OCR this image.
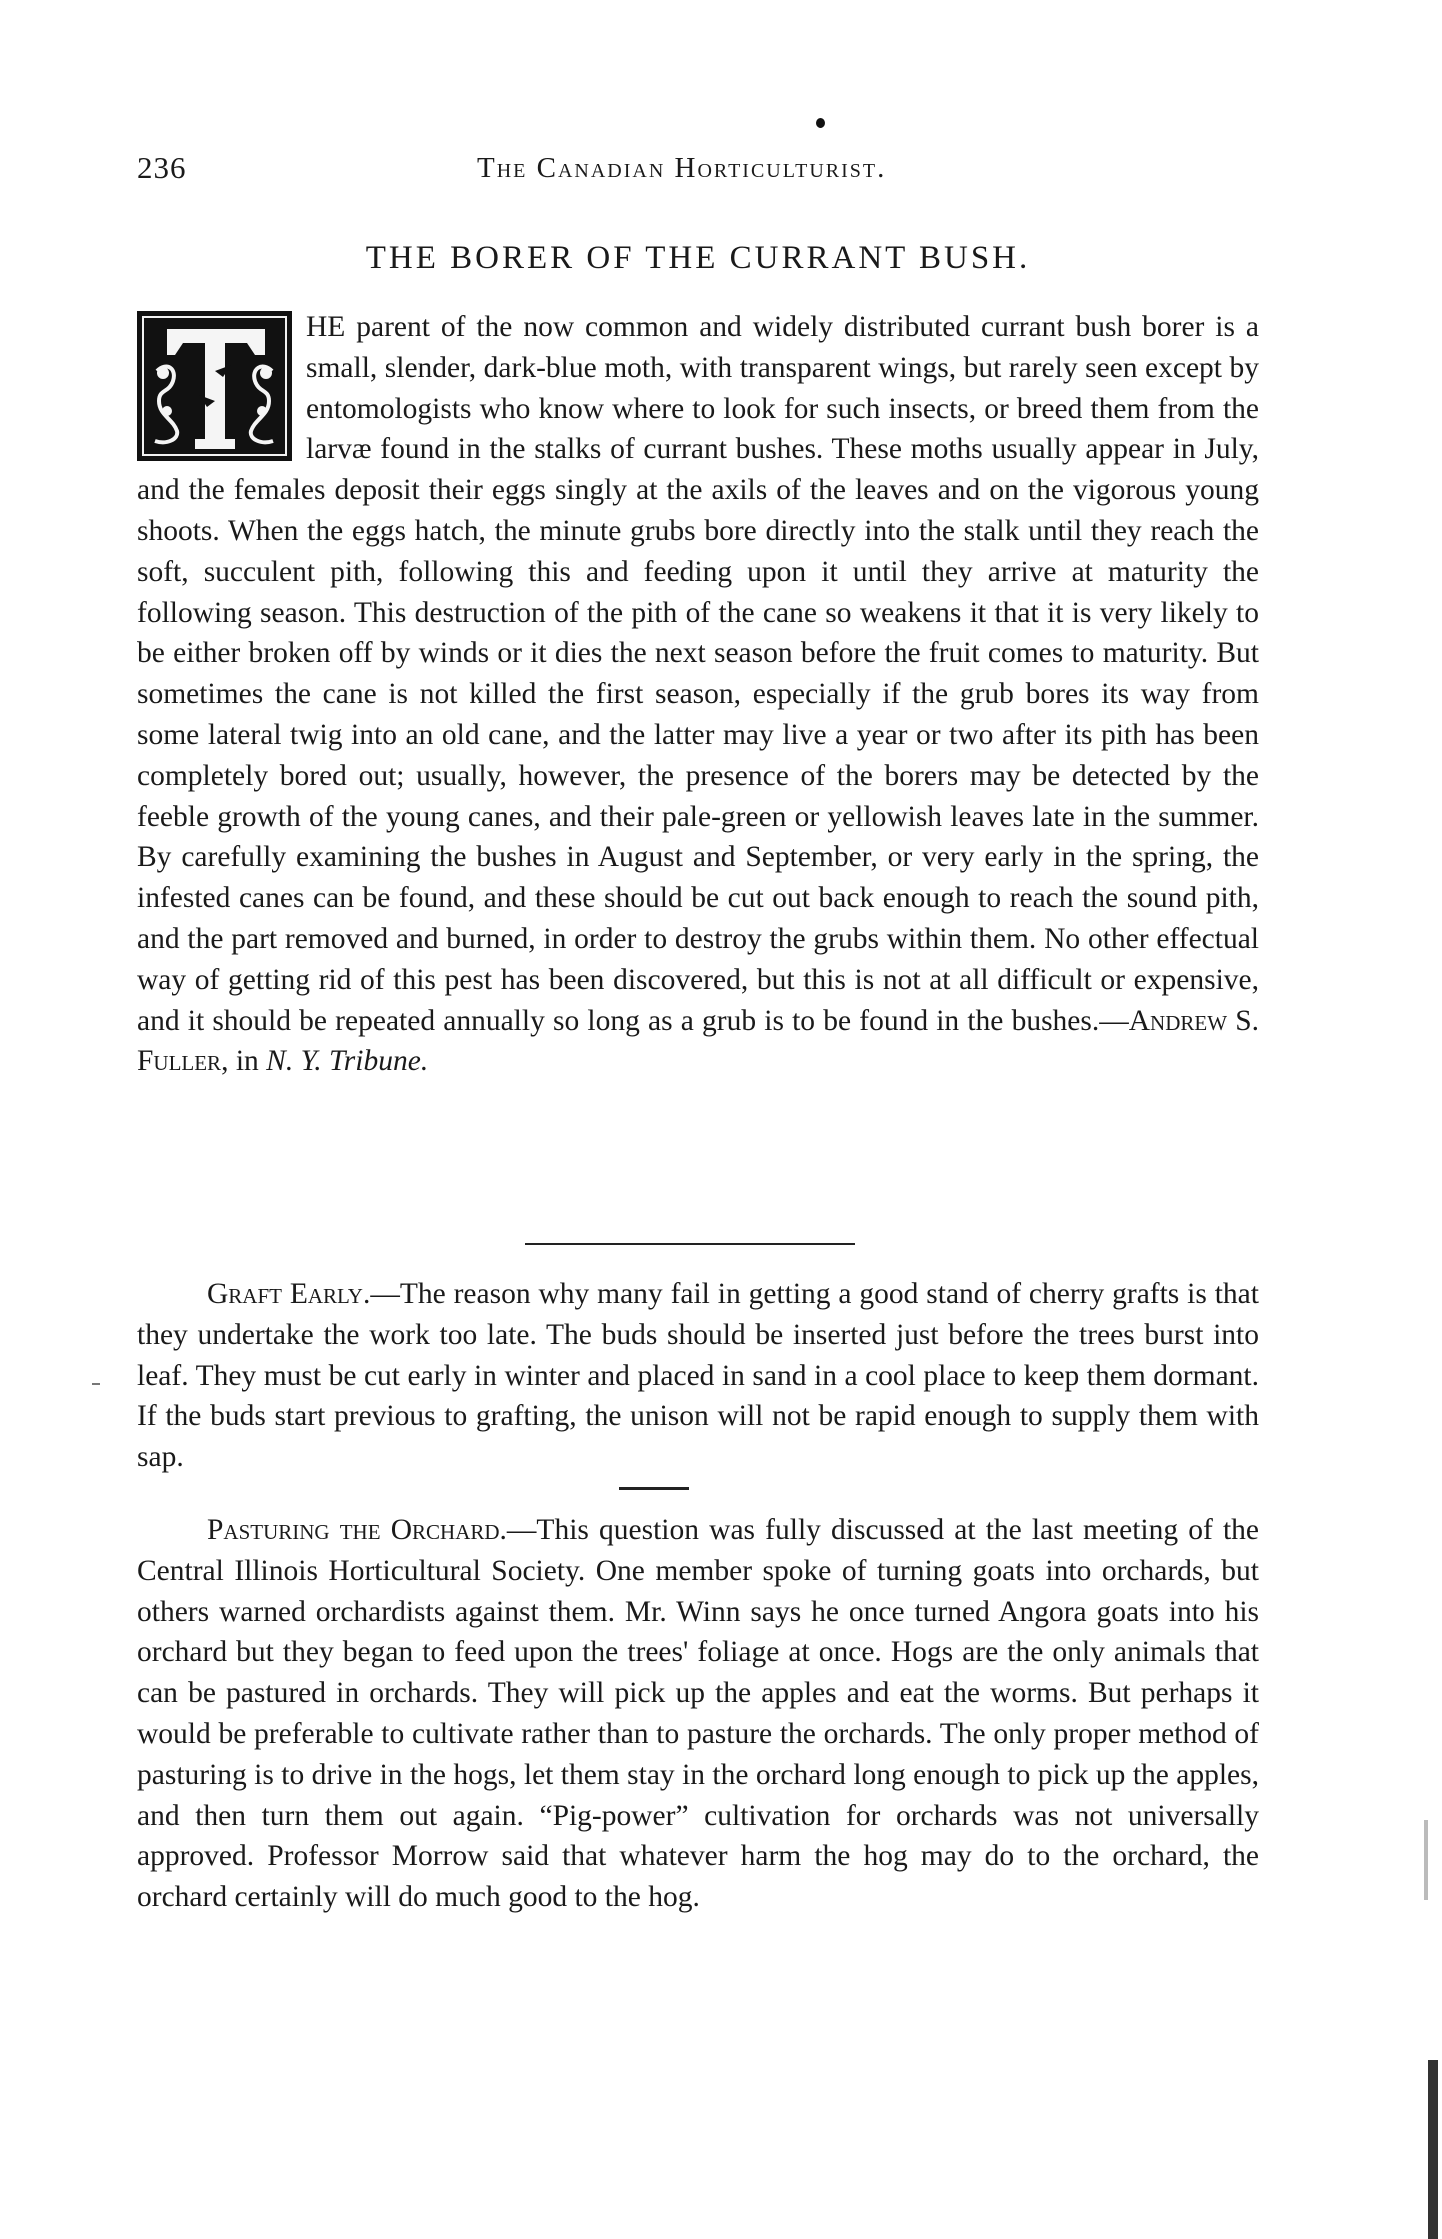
236	The Canadian Horticulturist.
THE BORER OF THE CURRANT BUSH.
HE parent of the now common and widely distributed currant bush borer is a small, slender, dark-blue moth, with transparent wings, but rarely seen except by entomologists who know where to look for such insects, or breed them from the larvæ found in the stalks of currant bushes. These moths usually appear in July, and the females deposit their eggs singly at the axils of the leaves and on the vigorous young shoots. When the eggs hatch, the minute grubs bore directly into the stalk until they reach the soft, succulent pith, following this and feeding upon it until they arrive at maturity the following season. This destruction of the pith of the cane so weakens it that it is very likely to be either broken off by winds or it dies the next season before the fruit comes to maturity. But sometimes the cane is not killed the first season, especially if the grub bores its way from some lateral twig into an old cane, and the latter may live a year or two after its pith has been completely bored out; usually, however, the presence of the borers may be detected by the feeble growth of the young canes, and their pale-green or yellowish leaves late in the summer. By carefully examining the bushes in August and September, or very early in the spring, the infested canes can be found, and these should be cut out back enough to reach the sound pith, and the part removed and burned, in order to destroy the grubs within them. No other effectual way of getting rid of this pest has been discovered, but this is not at all difficult or expensive, and it should be repeated annually so long as a grub is to be found in the bushes.—Andrew S. Fuller, in N. Y. Tribune.
Graft Early.—The reason why many fail in getting a good stand of cherry grafts is that they undertake the work too late. The buds should be inserted just before the trees burst into leaf. They must be cut early in winter and placed in sand in a cool place to keep them dormant. If the buds start previous to grafting, the unison will not be rapid enough to supply them with sap.
Pasturing the Orchard.—This question was fully discussed at the last meeting of the Central Illinois Horticultural Society. One member spoke of turning goats into orchards, but others warned orchardists against them. Mr. Winn says he once turned Angora goats into his orchard but they began to feed upon the trees' foliage at once. Hogs are the only animals that can be pastured in orchards. They will pick up the apples and eat the worms. But perhaps it would be preferable to cultivate rather than to pasture the orchards. The only proper method of pasturing is to drive in the hogs, let them stay in the orchard long enough to pick up the apples, and then turn them out again. “Pig-power” cultivation for orchards was not universally approved. Professor Morrow said that whatever harm the hog may do to the orchard, the orchard certainly will do much good to the hog.
